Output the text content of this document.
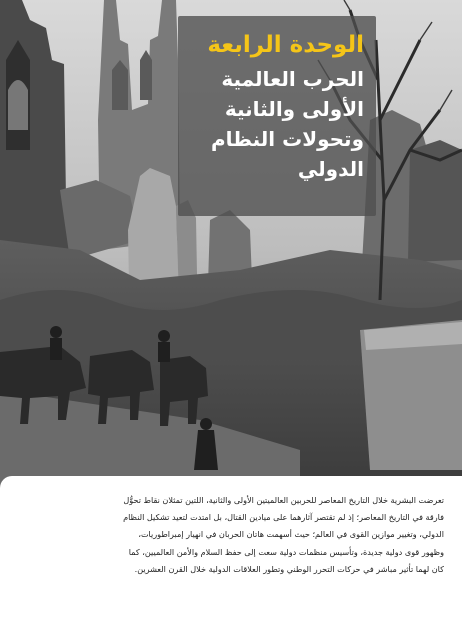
الوحدة الرابعة
الحرب العالمية
الأولى والثانية
وتحولات النظام
الدولي
تعرضت البشرية خلال التاريخ المعاصر للحربين العالميتين الأولى والثانية، اللتين تمثلان نقاط تحوُّل
فارقة في التاريخ المعاصر؛ إذ لم تقتصر آثارهما على ميادين القتال، بل امتدت لتعيد تشكيل النظام
الدولي، وتغيير موازين القوى في العالم؛ حيث أسهمت هاتان الحربان في انهيار إمبراطوريات،
وظهور قوى دولية جديدة، وتأسيس منظمات دولية سعت إلى حفظ السلام والأمن العالميين، كما
كان لهما تأثير مباشر في حركات التحرر الوطني وتطور العلاقات الدولية خلال القرن العشرين.
